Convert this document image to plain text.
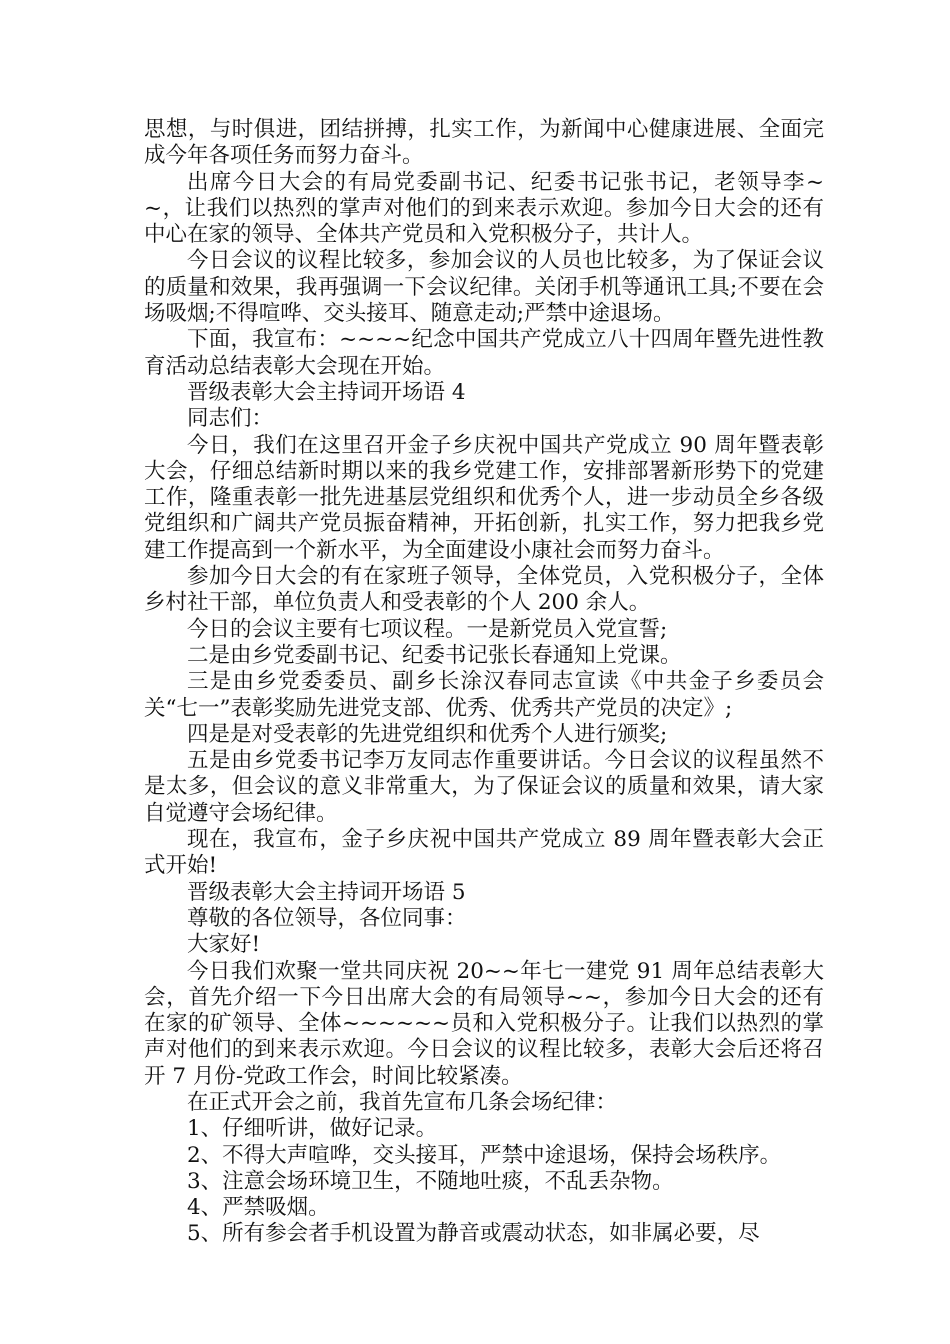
思想，与时俱进，团结拼搏，扎实工作，为新闻中心健康进展、全面完成今年各项任务而努力奋斗。

出席今日大会的有局党委副书记、纪委书记张书记，老领导李~~，让我们以热烈的掌声对他们的到来表示欢迎。参加今日大会的还有中心在家的领导、全体共产党员和入党积极分子，共计人。

今日会议的议程比较多，参加会议的人员也比较多，为了保证会议的质量和效果，我再强调一下会议纪律。关闭手机等通讯工具;不要在会场吸烟;不得喧哗、交头接耳、随意走动;严禁中途退场。

下面，我宣布：~~~~纪念中国共产党成立八十四周年暨先进性教育活动总结表彰大会现在开始。

晋级表彰大会主持词开场语 4

同志们：

今日，我们在这里召开金子乡庆祝中国共产党成立 90 周年暨表彰大会，仔细总结新时期以来的我乡党建工作，安排部署新形势下的党建工作，隆重表彰一批先进基层党组织和优秀个人，进一步动员全乡各级党组织和广阔共产党员振奋精神，开拓创新，扎实工作，努力把我乡党建工作提高到一个新水平，为全面建设小康社会而努力奋斗。

参加今日大会的有在家班子领导，全体党员，入党积极分子，全体乡村社干部，单位负责人和受表彰的个人 200 余人。

今日的会议主要有七项议程。一是新党员入党宣誓;

二是由乡党委副书记、纪委书记张长春通知上党课。

三是由乡党委委员、副乡长涂汉春同志宣读《中共金子乡委员会关“七一”表彰奖励先进党支部、优秀、优秀共产党员的决定》;

四是是对受表彰的先进党组织和优秀个人进行颁奖;

五是由乡党委书记李万友同志作重要讲话。今日会议的议程虽然不是太多，但会议的意义非常重大，为了保证会议的质量和效果，请大家自觉遵守会场纪律。

现在，我宣布，金子乡庆祝中国共产党成立 89 周年暨表彰大会正式开始!

晋级表彰大会主持词开场语 5

尊敬的各位领导，各位同事：

大家好!

今日我们欢聚一堂共同庆祝 20~~年七一建党 91 周年总结表彰大会，首先介绍一下今日出席大会的有局领导~~，参加今日大会的还有在家的矿领导、全体~~~~~~员和入党积极分子。让我们以热烈的掌声对他们的到来表示欢迎。今日会议的议程比较多，表彰大会后还将召开 7 月份-党政工作会，时间比较紧凑。

在正式开会之前，我首先宣布几条会场纪律：

1、仔细听讲，做好记录。

2、不得大声喧哗，交头接耳，严禁中途退场，保持会场秩序。

3、注意会场环境卫生，不随地吐痰，不乱丢杂物。

4、严禁吸烟。

5、所有参会者手机设置为静音或震动状态，如非属必要，尽
